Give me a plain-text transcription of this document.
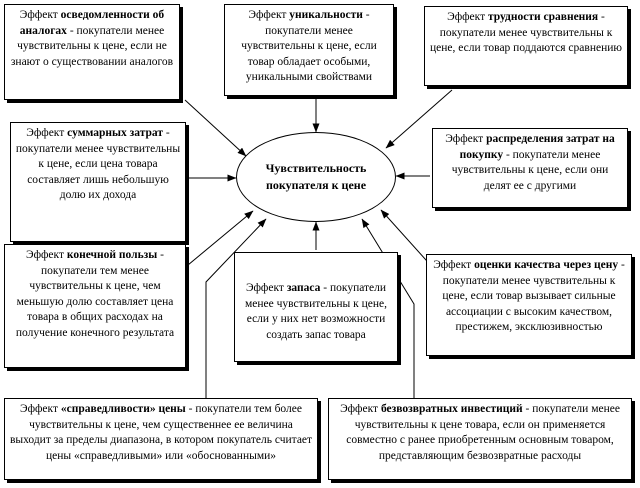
Чувствительность
покупателя к цене
Эффект осведомленности об аналогах - покупатели менее чувствительны к цене, если не знают о существовании аналогов
Эффект уникальности - покупатели менее чувствительны к цене, если товар обладает особыми, уникальными свойствами
Эффект трудности сравнения - покупатели менее чувствительны к цене, если товар поддаются сравнению
Эффект суммарных затрат - покупатели менее чувствительны к цене, если цена товара составляет лишь небольшую долю их дохода
Эффект распределения затрат на покупку - покупатели менее чувствительны к цене, если они делят ее с другими
Эффект конечной пользы - покупатели тем менее чувствительны к цене, чем меньшую долю составляет цена товара в общих расходах на получение конечного результата
Эффект запаса - покупатели менее чувствительны к цене, если у них нет возможности создать запас товара
Эффект оценки качества через цену - покупатели менее чувствительны к цене, если товар вызывает сильные ассоциации с высоким качеством, престижем, эксклюзивностью
Эффект «справедливости» цены - покупатели тем более чувствительны к цене, чем существеннее ее величина выходит за пределы диапазона, в котором покупатель считает цены «справедливыми» или «обоснованными»
Эффект безвозвратных инвестиций - покупатели менее чувствительны к цене товара, если он применяется совместно с ранее приобретенным основным товаром, представляющим безвозвратные расходы
